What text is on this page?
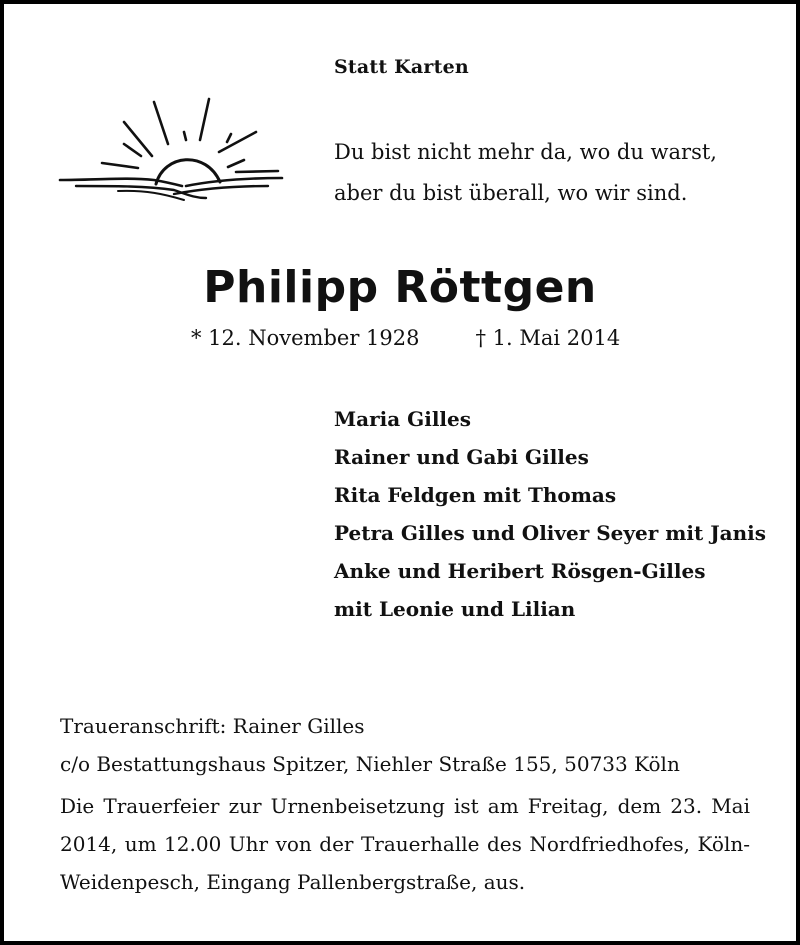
Statt Karten
Du bist nicht mehr da, wo du warst,
aber du bist überall, wo wir sind.
Philipp Röttgen
* 12. November 1928	† 1. Mai 2014
Maria Gilles
Rainer und Gabi Gilles
Rita Feldgen mit Thomas
Petra Gilles und Oliver Seyer mit Janis
Anke und Heribert Rösgen-Gilles
mit Leonie und Lilian
Traueranschrift: Rainer Gilles
c/o Bestattungshaus Spitzer, Niehler Straße 155, 50733 Köln
Die Trauerfeier zur Urnenbeisetzung ist am Freitag, dem 23. Mai 2014, um 12.00 Uhr von der Trauerhalle des Nordfriedhofes, Köln-Weidenpesch, Eingang Pallenbergstraße, aus.
